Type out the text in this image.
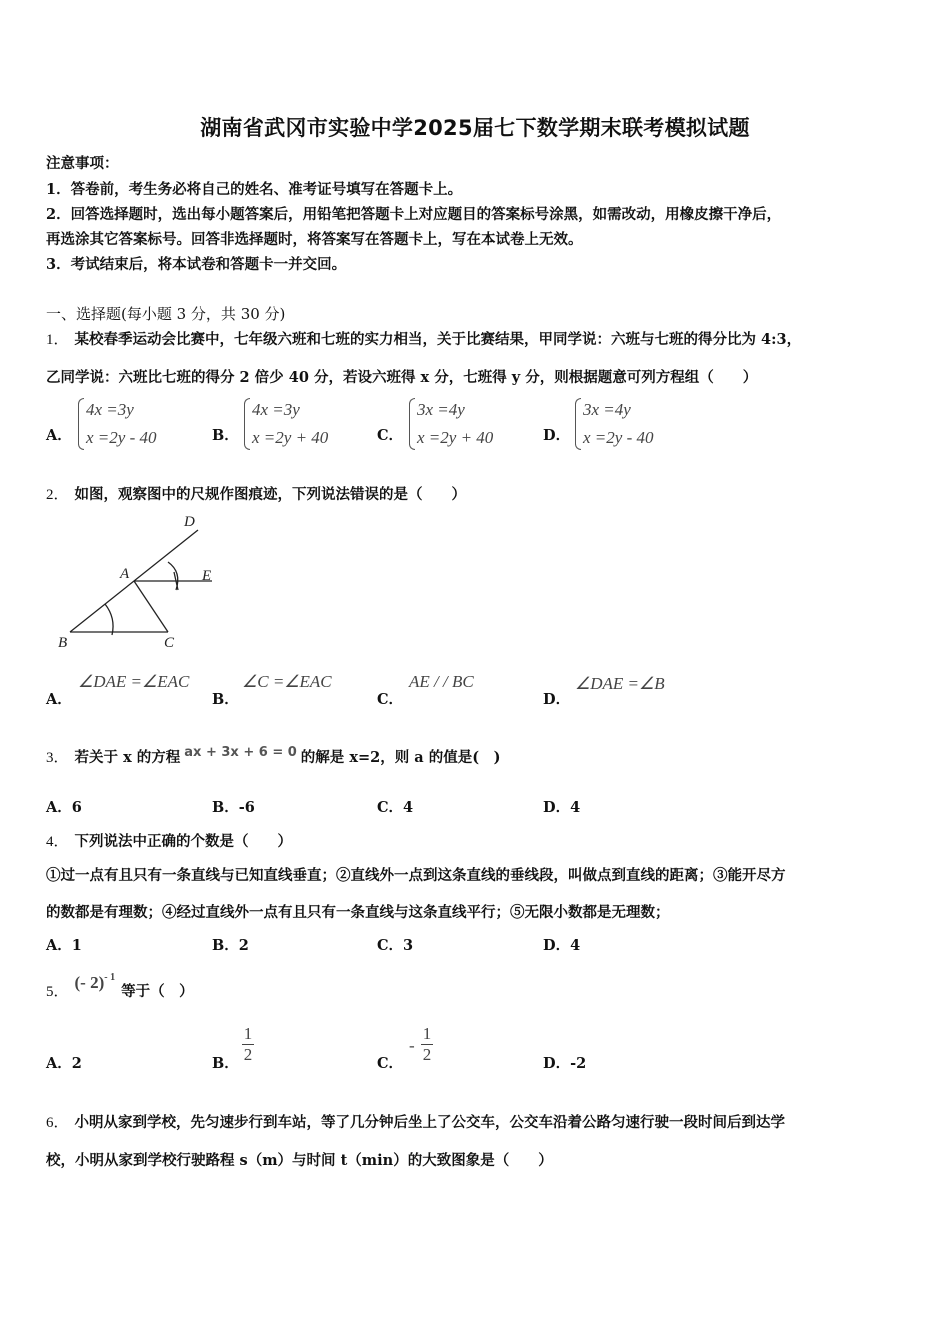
湖南省武冈市实验中学2025届七下数学期末联考模拟试题
注意事项：
1．答卷前，考生务必将自己的姓名、准考证号填写在答题卡上。
2．回答选择题时，选出每小题答案后，用铅笔把答题卡上对应题目的答案标号涂黑，如需改动，用橡皮擦干净后，
再选涂其它答案标号。回答非选择题时，将答案写在答题卡上，写在本试卷上无效。
3．考试结束后，将本试卷和答题卡一并交回。
一、选择题(每小题 3 分，共 30 分)
1． 某校春季运动会比赛中，七年级六班和七班的实力相当，关于比赛结果，甲同学说：六班与七班的得分比为 4:3，
乙同学说：六班比七班的得分 2 倍少 40 分，若设六班得 x 分，七班得 y 分，则根据题意可列方程组（　　）
A．
4x =3y
x =2y - 40	B．
4x =3y
x =2y + 40	C．
3x =4y
x =2y + 40	D．
3x =4y
x =2y - 40
2． 如图，观察图中的尺规作图痕迹，下列说法错误的是（　　）
D
A	E
B	C
A．
∠DAE =∠EAC
B．
∠C =∠EAC
C．
AE / / BC
D．
∠DAE =∠B
3． 若关于 x 的方程 ax + 3x + 6 = 0 的解是 x=2，则 a 的值是(　)
A．6	B．-6	C．4	D．4
4． 下列说法中正确的个数是（　　）
①过一点有且只有一条直线与已知直线垂直；②直线外一点到这条直线的垂线段，叫做点到直线的距离；③能开尽方
的数都是有理数；④经过直线外一点有且只有一条直线与这条直线平行；⑤无限小数都是无理数；
A．1	B．2	C．3	D．4
5． (- 2)$^{- 1}$等于（　）
A．2	B．
1
2	C．
-
1
2	D．-2
6． 小明从家到学校，先匀速步行到车站，等了几分钟后坐上了公交车，公交车沿着公路匀速行驶一段时间后到达学
校，小明从家到学校行驶路程 s（m）与时间 t（min）的大致图象是（　　）
